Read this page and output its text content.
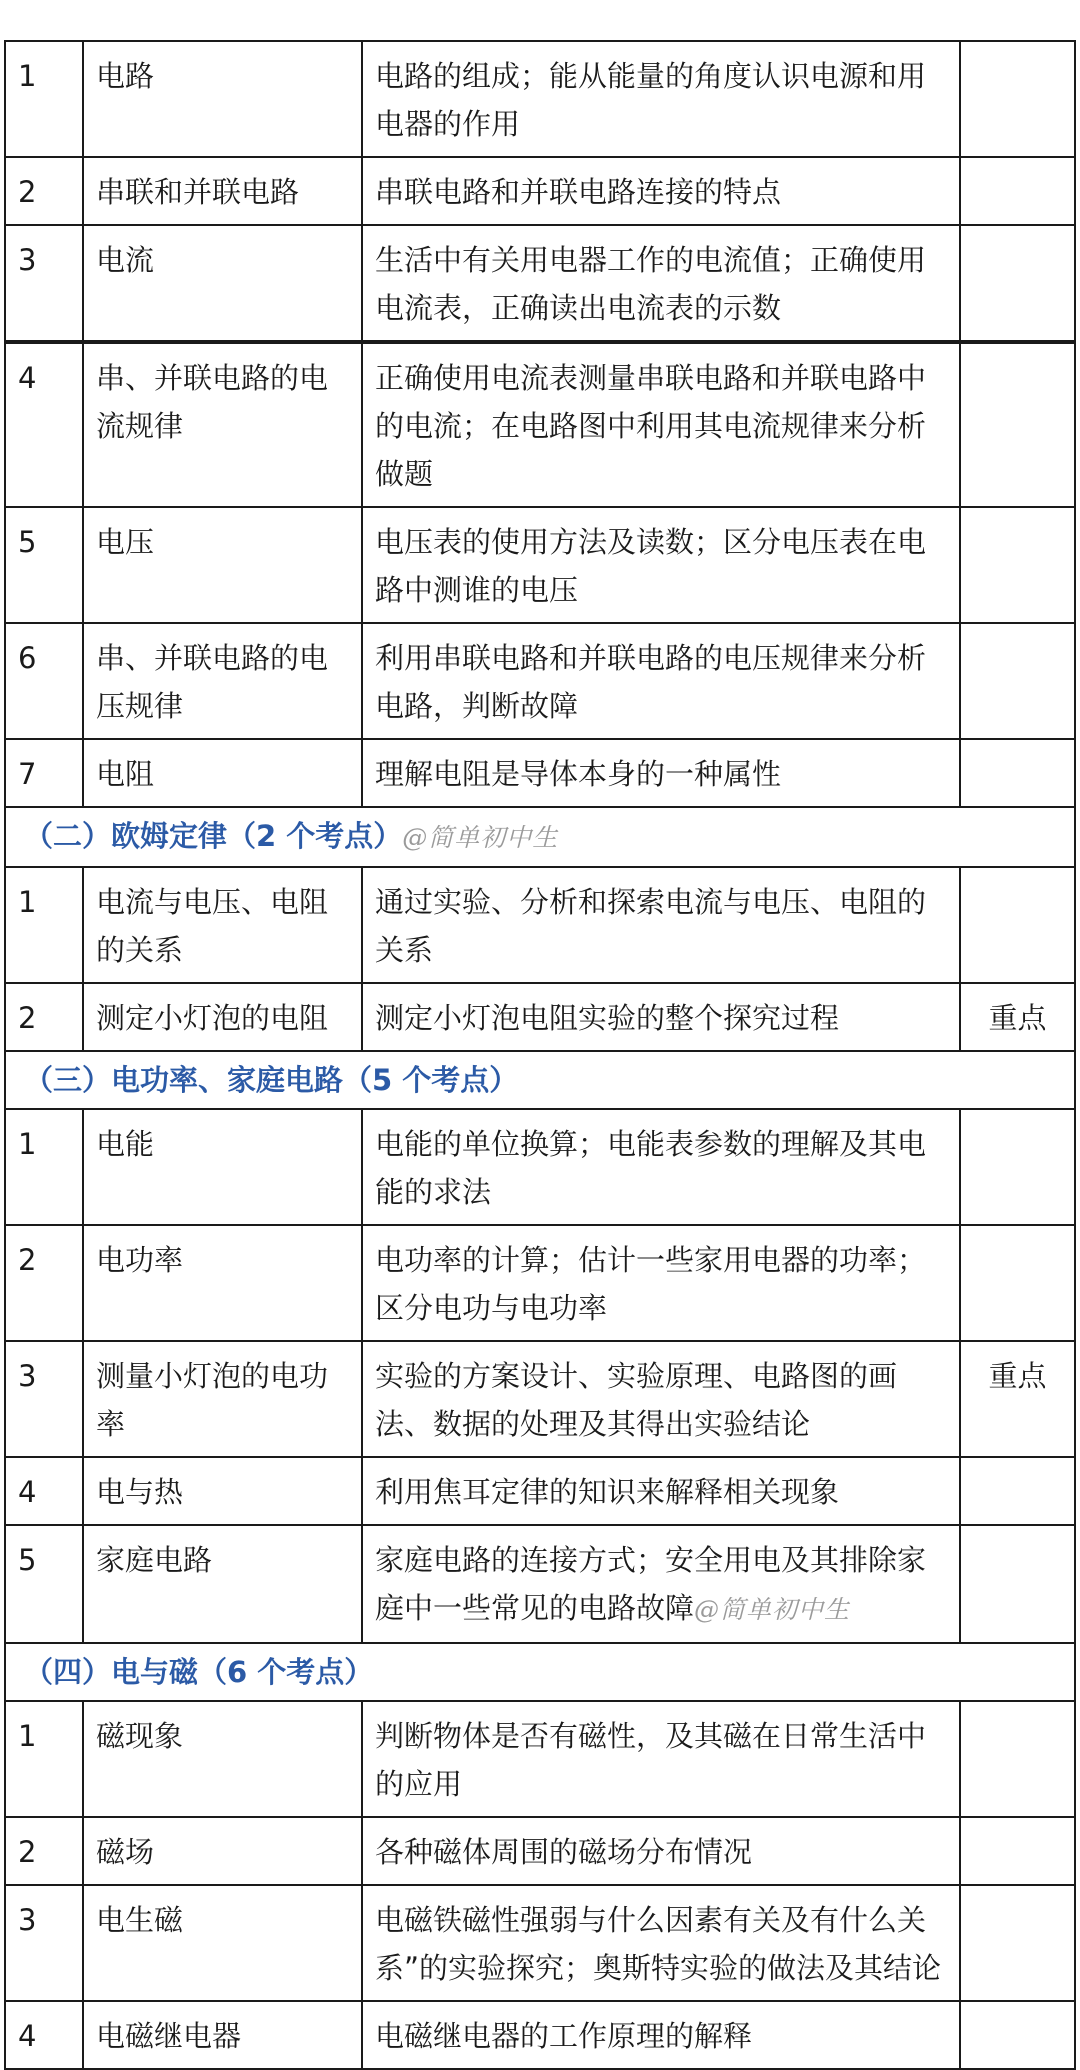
1	电路	电路的组成；能从能量的角度认识电源和用电器的作用	
2	串联和并联电路	串联电路和并联电路连接的特点	
3	电流	生活中有关用电器工作的电流值；正确使用电流表，正确读出电流表的示数	
4	串、并联电路的电流规律	正确使用电流表测量串联电路和并联电路中的电流；在电路图中利用其电流规律来分析做题	
5	电压	电压表的使用方法及读数；区分电压表在电路中测谁的电压	
6	串、并联电路的电压规律	利用串联电路和并联电路的电压规律来分析电路，判断故障	
7	电阻	理解电阻是导体本身的一种属性	
（二）欧姆定律（2 个考点）@简单初中生			
1	电流与电压、电阻的关系	通过实验、分析和探索电流与电压、电阻的关系	
2	测定小灯泡的电阻	测定小灯泡电阻实验的整个探究过程	重点
（三）电功率、家庭电路（5 个考点）			
1	电能	电能的单位换算；电能表参数的理解及其电能的求法	
2	电功率	电功率的计算；估计一些家用电器的功率；区分电功与电功率	
3	测量小灯泡的电功率	实验的方案设计、实验原理、电路图的画法、数据的处理及其得出实验结论	重点
4	电与热	利用焦耳定律的知识来解释相关现象	
5	家庭电路	家庭电路的连接方式；安全用电及其排除家庭中一些常见的电路故障@简单初中生	
（四）电与磁（6 个考点）			
1	磁现象	判断物体是否有磁性，及其磁在日常生活中的应用	
2	磁场	各种磁体周围的磁场分布情况	
3	电生磁	电磁铁磁性强弱与什么因素有关及有什么关系”的实验探究；奥斯特实验的做法及其结论	
4	电磁继电器	电磁继电器的工作原理的解释	
